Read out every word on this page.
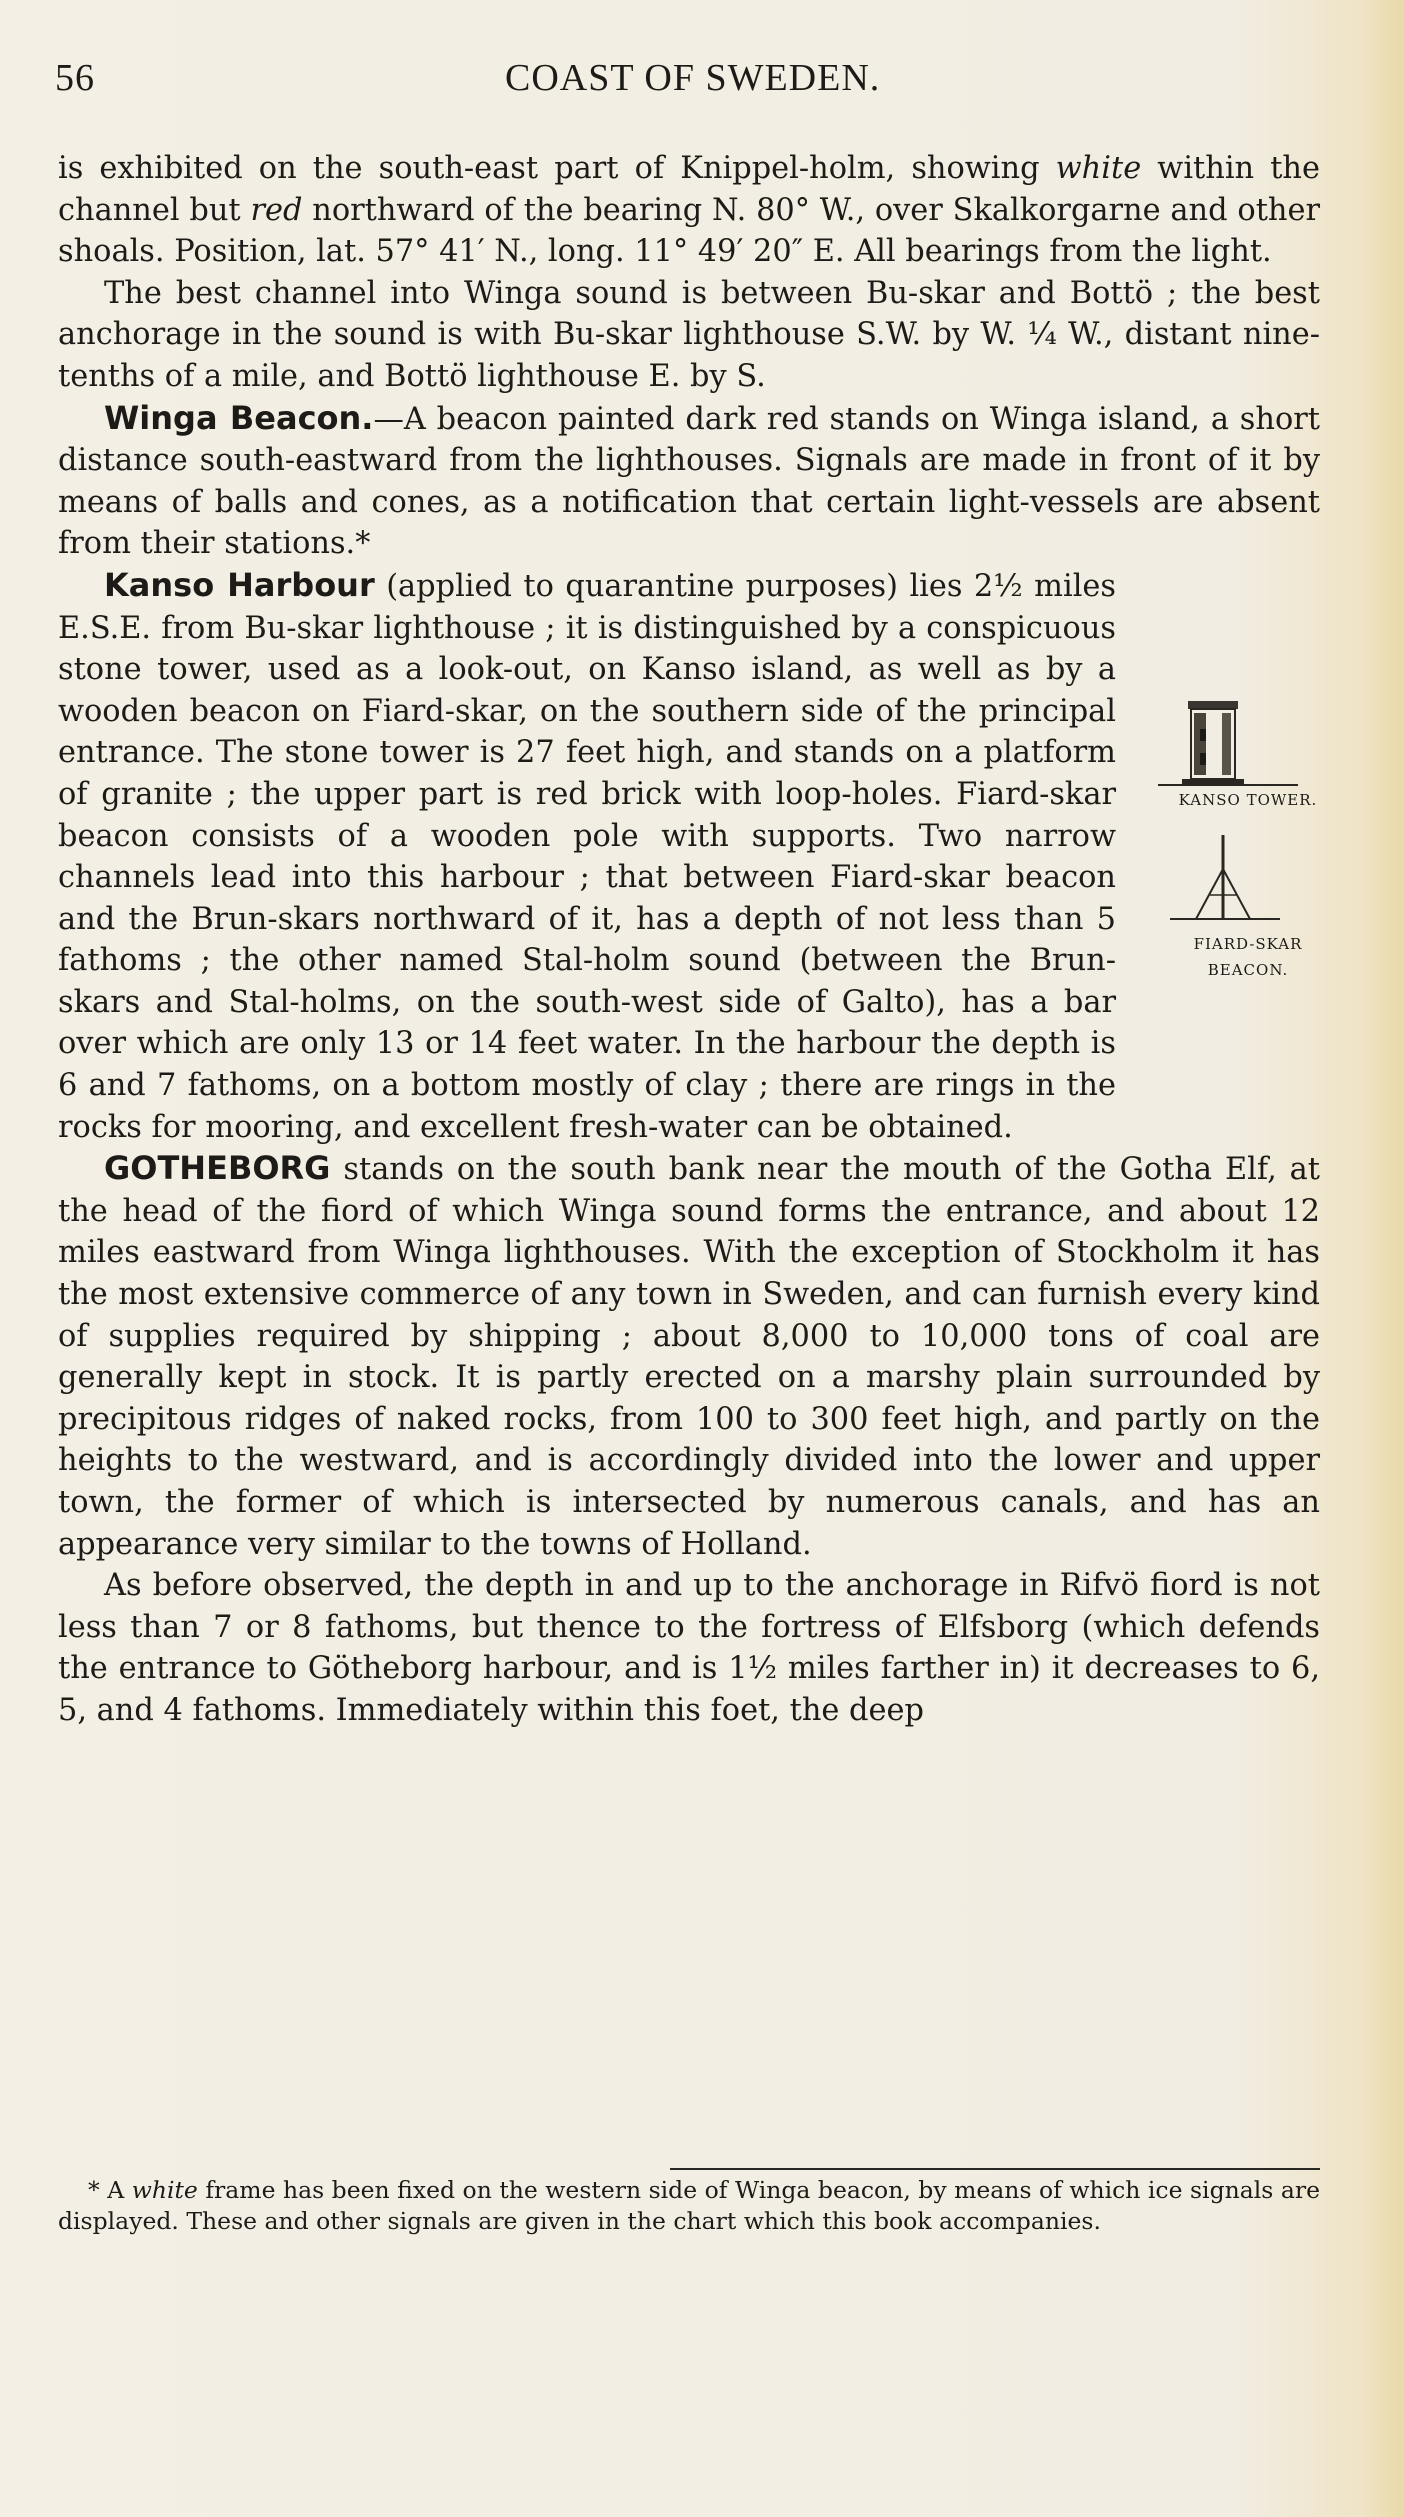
56	COAST OF SWEDEN.

is exhibited on the south-east part of Knippel-holm, showing white within the channel but red northward of the bearing N. 80° W., over Skalkorgarne and other shoals. Position, lat. 57° 41′ N., long. 11° 49′ 20″ E. All bearings from the light.

The best channel into Winga sound is between Bu-skar and Bottö ; the best anchorage in the sound is with Bu-skar lighthouse S.W. by W. ¼ W., distant nine-tenths of a mile, and Bottö lighthouse E. by S.

Winga Beacon.—A beacon painted dark red stands on Winga island, a short distance south-eastward from the lighthouses. Signals are made in front of it by means of balls and cones, as a notification that certain light-vessels are absent from their stations.*

KANSO TOWER.
FIARD-SKAR
BEACON.
Kanso Harbour (applied to quarantine purposes) lies 2½ miles E.S.E. from Bu-skar lighthouse ; it is distinguished by a conspicuous stone tower, used as a look-out, on Kanso island, as well as by a wooden beacon on Fiard-skar, on the southern side of the principal entrance. The stone tower is 27 feet high, and stands on a platform of granite ; the upper part is red brick with loop-holes. Fiard-skar beacon consists of a wooden pole with supports. Two narrow channels lead into this harbour ; that between Fiard-skar beacon and the Brun-skars northward of it, has a depth of not less than 5 fathoms ; the other named Stal-holm sound (between the Brun-skars and Stal-holms, on the south-west side of Galto), has a bar over which are only 13 or 14 feet water. In the harbour the depth is 6 and 7 fathoms, on a bottom mostly of clay ; there are rings in the rocks for mooring, and excellent fresh-water can be obtained.

GOTHEBORG stands on the south bank near the mouth of the Gotha Elf, at the head of the fiord of which Winga sound forms the entrance, and about 12 miles eastward from Winga lighthouses. With the exception of Stockholm it has the most extensive commerce of any town in Sweden, and can furnish every kind of supplies required by shipping ; about 8,000 to 10,000 tons of coal are generally kept in stock. It is partly erected on a marshy plain surrounded by precipitous ridges of naked rocks, from 100 to 300 feet high, and partly on the heights to the westward, and is accordingly divided into the lower and upper town, the former of which is intersected by numerous canals, and has an appearance very similar to the towns of Holland.

As before observed, the depth in and up to the anchorage in Rifvö fiord is not less than 7 or 8 fathoms, but thence to the fortress of Elfsborg (which defends the entrance to Götheborg harbour, and is 1½ miles farther in) it decreases to 6, 5, and 4 fathoms. Immediately within this foet, the deep

* A white frame has been fixed on the western side of Winga beacon, by means of which ice signals are displayed. These and other signals are given in the chart which this book accompanies.
